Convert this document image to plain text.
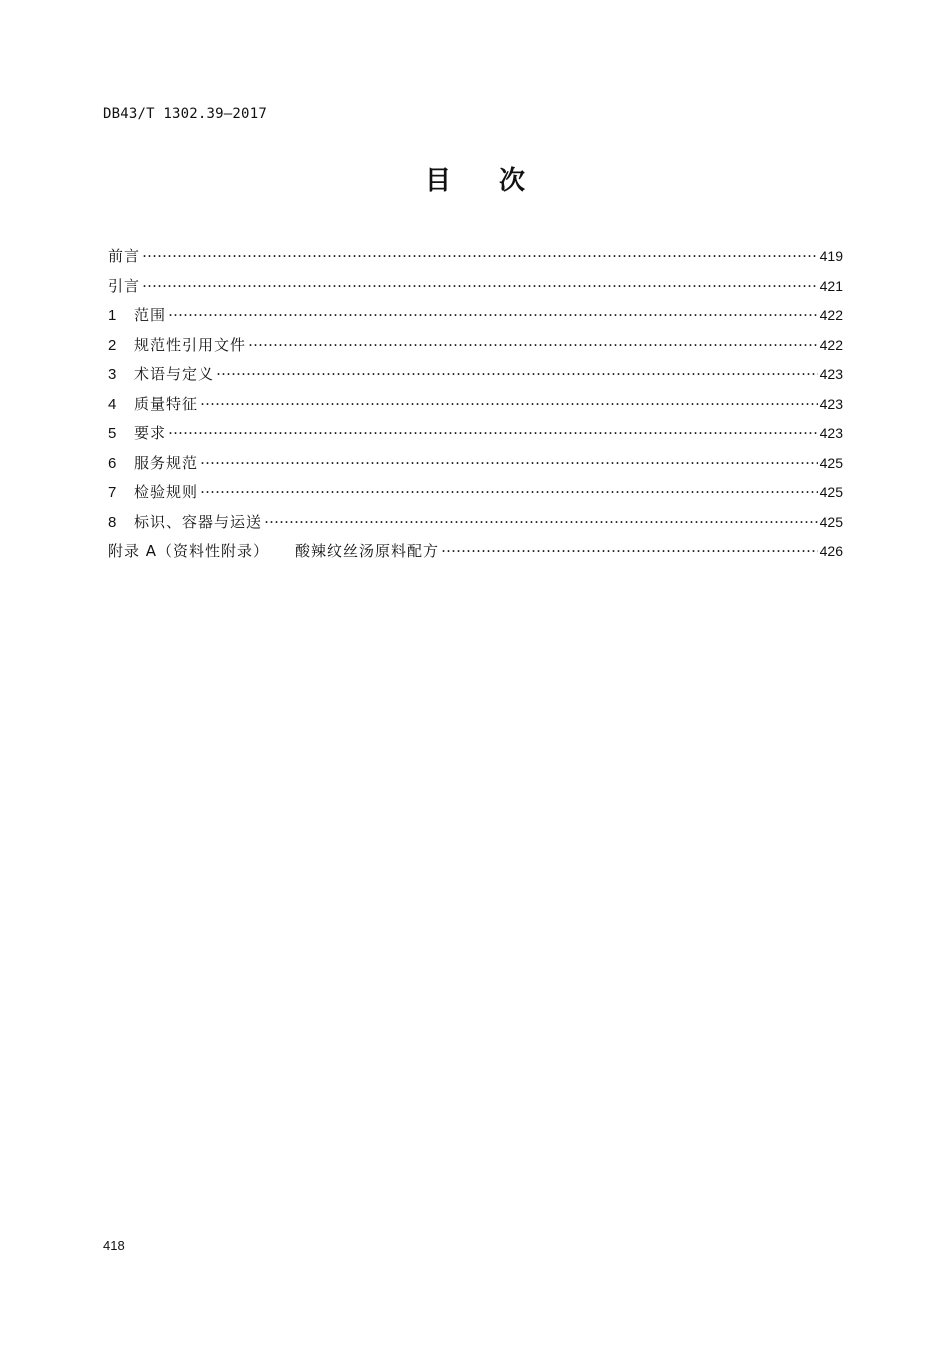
DB43/T 1302.39—2017
目 次
前言 ……………………………………………………………………………………………………………………………………………………………………………………………………………………………	419
引言 ……………………………………………………………………………………………………………………………………………………………………………………………………………………………	421
1	范围 ……………………………………………………………………………………………………………………………………………………………………………………………………………………………	422
2	规范性引用文件 ……………………………………………………………………………………………………………………………………………………………………………………………………………………………	422
3	术语与定义 ……………………………………………………………………………………………………………………………………………………………………………………………………………………………	423
4	质量特征 ……………………………………………………………………………………………………………………………………………………………………………………………………………………………	423
5	要求 ……………………………………………………………………………………………………………………………………………………………………………………………………………………………	423
6	服务规范 ……………………………………………………………………………………………………………………………………………………………………………………………………………………………	425
7	检验规则 ……………………………………………………………………………………………………………………………………………………………………………………………………………………………	425
8	标识、容器与运送 ……………………………………………………………………………………………………………………………………………………………………………………………………………………………	425
附录 A（资料性附录） 酸辣纹丝汤原料配方 ……………………………………………………………………………………………………………………………………………………………………………………………………………………………	426
418
